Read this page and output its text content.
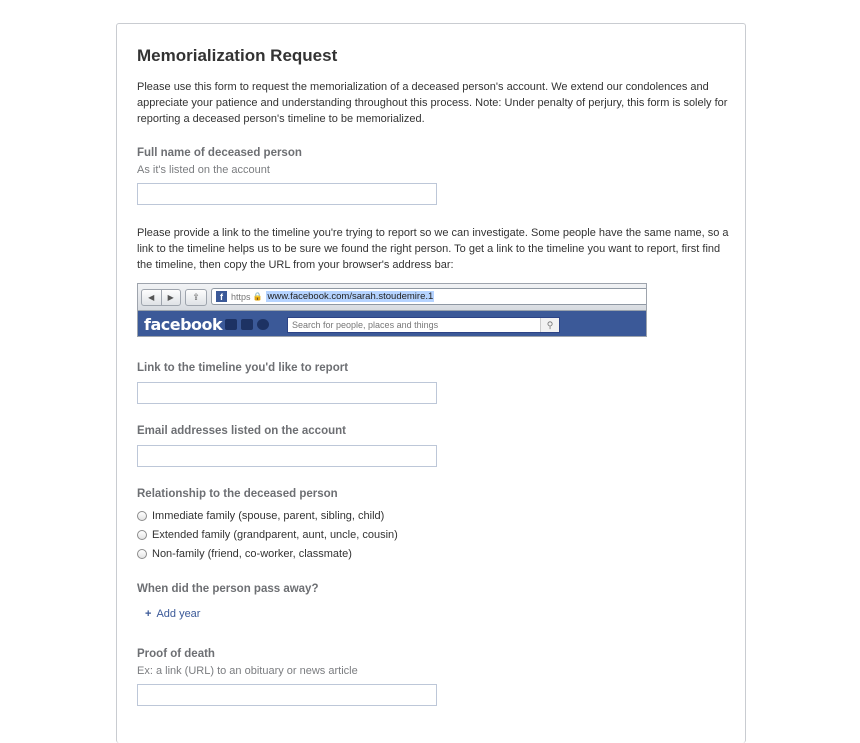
Memorialization Request

Please use this form to request the memorialization of a deceased person's account. We extend our condolences and appreciate your patience and understanding throughout this process. Note: Under penalty of perjury, this form is solely for reporting a deceased person's timeline to be memorialized.

Full name of deceased person
As it's listed on the account

Please provide a link to the timeline you're trying to report so we can investigate. Some people have the same name, so a link to the timeline helps us to be sure we found the right person. To get a link to the timeline you want to report, first find the timeline, then copy the URL from your browser's address bar:

◀	▶	⇪	f https 🔒 www.facebook.com/sarah.stoudemire.1
facebook	Search for people, places and things	⚲
Link to the timeline you'd like to report
Email addresses listed on the account
Relationship to the deceased person
Immediate family (spouse, parent, sibling, child)
Extended family (grandparent, aunt, uncle, cousin)
Non-family (friend, co-worker, classmate)
When did the person pass away?
+ Add year
Proof of death
Ex: a link (URL) to an obituary or news article
